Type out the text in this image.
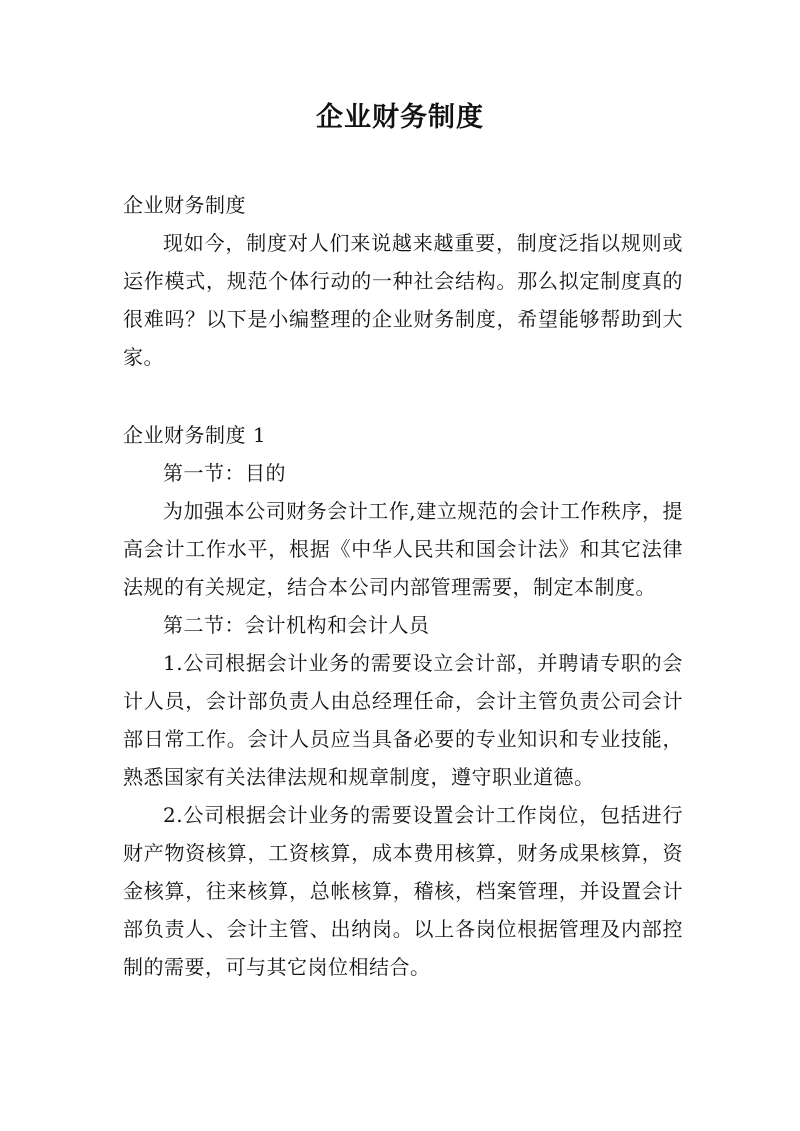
企业财务制度

企业财务制度

现如今，制度对人们来说越来越重要，制度泛指以规则或运作模式，规范个体行动的一种社会结构。那么拟定制度真的很难吗？以下是小编整理的企业财务制度，希望能够帮助到大家。

企业财务制度 1

第一节：目的

为加强本公司财务会计工作,建立规范的会计工作秩序，提高会计工作水平，根据《中华人民共和国会计法》和其它法律法规的有关规定，结合本公司内部管理需要，制定本制度。

第二节：会计机构和会计人员

1.公司根据会计业务的需要设立会计部，并聘请专职的会计人员，会计部负责人由总经理任命，会计主管负责公司会计部日常工作。会计人员应当具备必要的专业知识和专业技能，熟悉国家有关法律法规和规章制度，遵守职业道德。

2.公司根据会计业务的需要设置会计工作岗位，包括进行财产物资核算，工资核算，成本费用核算，财务成果核算，资金核算，往来核算，总帐核算，稽核，档案管理，并设置会计部负责人、会计主管、出纳岗。以上各岗位根据管理及内部控制的需要，可与其它岗位相结合。
